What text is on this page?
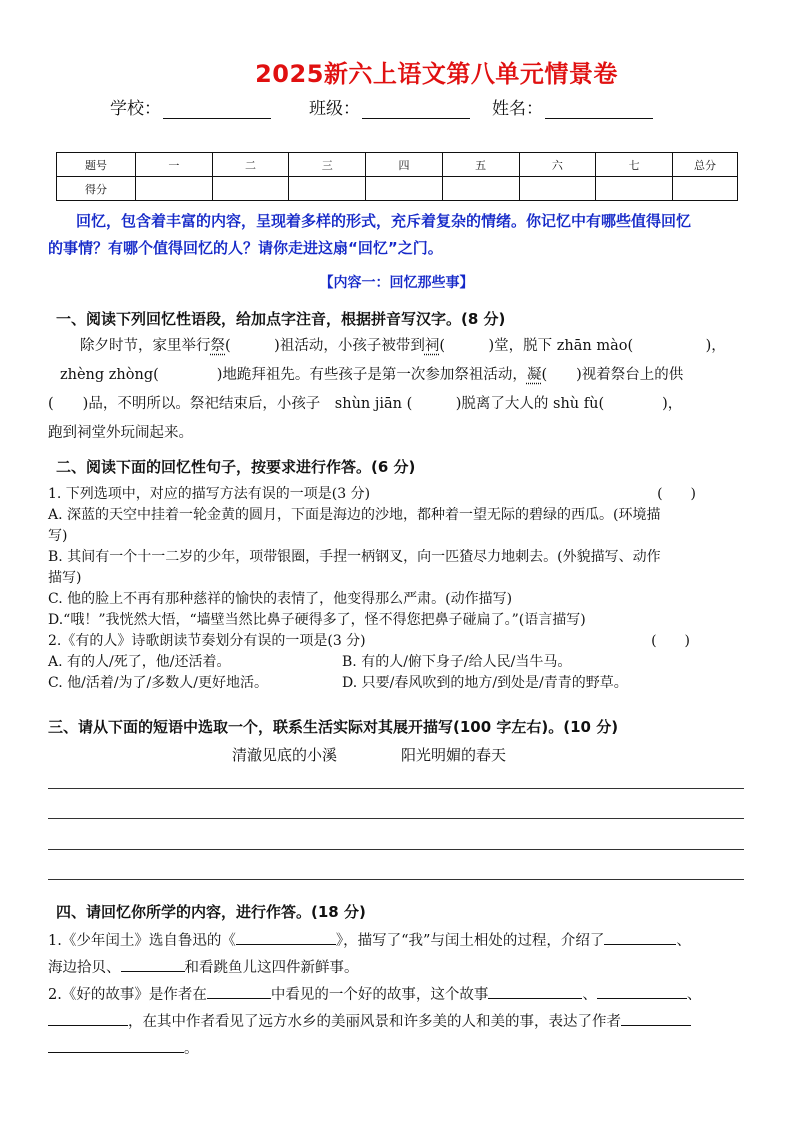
2025新六上语文第八单元情景卷
学校：	班级：	姓名：
题号	一	二	三	四	五	六	七	总分
得分								
回忆，包含着丰富的内容，呈现着多样的形式，充斥着复杂的情绪。你记忆中有哪些值得回忆
的事情？有哪个值得回忆的人？请你走进这扇“回忆”之门。
【内容一：回忆那些事】
一、阅读下列回忆性语段，给加点字注音，根据拼音写汉字。(8 分)
除夕时节，家里举行祭(　　　)祖活动，小孩子被带到祠(　　　)堂，脱下 zhān mào(　　　　　)，
zhèng zhòng(　　　　)地跪拜祖先。有些孩子是第一次参加祭祖活动，凝(　　)视着祭台上的供
(　　)品，不明所以。祭祀结束后，小孩子　shùn jiān (　　　)脱离了大人的 shù fù(　　　　)，
跑到祠堂外玩闹起来。
二、阅读下面的回忆性句子，按要求进行作答。(6 分)
1. 下列选项中，对应的描写方法有误的一项是(3 分)	(　　)
A. 深蓝的天空中挂着一轮金黄的圆月，下面是海边的沙地，都种着一望无际的碧绿的西瓜。(环境描
写)
B. 其间有一个十一二岁的少年，项带银圈，手捏一柄钢叉，向一匹猹尽力地刺去。(外貌描写、动作
描写)
C. 他的脸上不再有那种慈祥的愉快的表情了，他变得那么严肃。(动作描写)
D.“哦！”我恍然大悟，“墙壁当然比鼻子硬得多了，怪不得您把鼻子碰扁了。”(语言描写)
2.《有的人》诗歌朗读节奏划分有误的一项是(3 分)	(　　)
A. 有的人/死了，他/还活着。	B. 有的人/俯下身子/给人民/当牛马。
C. 他/活着/为了/多数人/更好地活。	D. 只要/春风吹到的地方/到处是/青青的野草。
三、请从下面的短语中选取一个，联系生活实际对其展开描写(100 字左右)。(10 分)
清澈见底的小溪	阳光明媚的春天
四、请回忆你所学的内容，进行作答。(18 分)
1.《少年闰土》选自鲁迅的《	》，描写了“我”与闰土相处的过程，介绍了	、
海边拾贝、	和看跳鱼儿这四件新鲜事。
2.《好的故事》是作者在	中看见的一个好的故事，这个故事	、	、
，在其中作者看见了远方水乡的美丽风景和许多美的人和美的事，表达了作者
。
